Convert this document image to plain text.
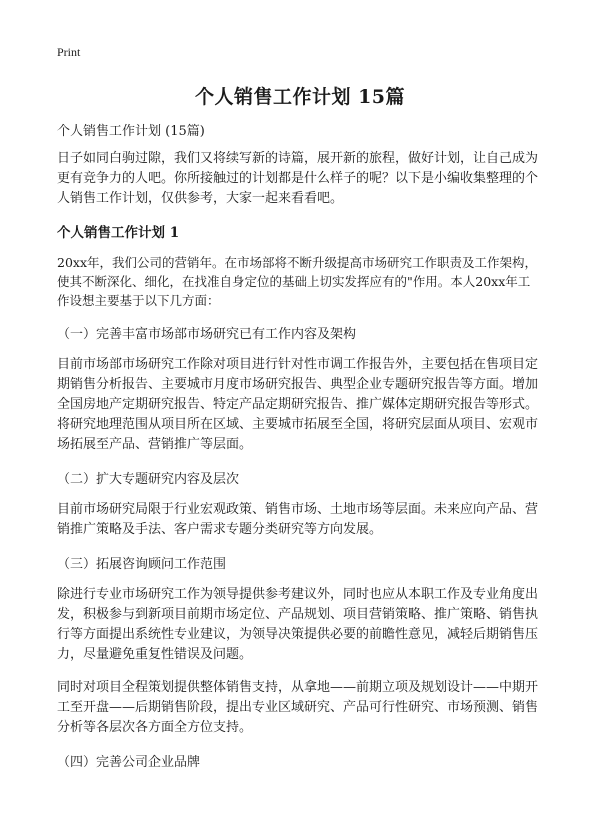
Print
个人销售工作计划 15篇

个人销售工作计划 (15篇)

日子如同白驹过隙，我们又将续写新的诗篇，展开新的旅程，做好计划，让自己成为更有竞争力的人吧。你所接触过的计划都是什么样子的呢？以下是小编收集整理的个人销售工作计划，仅供参考，大家一起来看看吧。

个人销售工作计划 1

20xx年，我们公司的营销年。在市场部将不断升级提高市场研究工作职责及工作架构，使其不断深化、细化，在找准自身定位的基础上切实发挥应有的"作用。本人20xx年工作设想主要基于以下几方面：

（一）完善丰富市场部市场研究已有工作内容及架构

目前市场部市场研究工作除对项目进行针对性市调工作报告外，主要包括在售项目定期销售分析报告、主要城市月度市场研究报告、典型企业专题研究报告等方面。增加全国房地产定期研究报告、特定产品定期研究报告、推广媒体定期研究报告等形式。将研究地理范围从项目所在区域、主要城市拓展至全国，将研究层面从项目、宏观市场拓展至产品、营销推广等层面。

（二）扩大专题研究内容及层次

目前市场研究局限于行业宏观政策、销售市场、土地市场等层面。未来应向产品、营销推广策略及手法、客户需求专题分类研究等方向发展。

（三）拓展咨询顾问工作范围

除进行专业市场研究工作为领导提供参考建议外，同时也应从本职工作及专业角度出发，积极参与到新项目前期市场定位、产品规划、项目营销策略、推广策略、销售执行等方面提出系统性专业建议，为领导决策提供必要的前瞻性意见，减轻后期销售压力，尽量避免重复性错误及问题。

同时对项目全程策划提供整体销售支持，从拿地——前期立项及规划设计——中期开工至开盘——后期销售阶段，提出专业区域研究、产品可行性研究、市场预测、销售分析等各层次各方面全方位支持。

（四）完善公司企业品牌
